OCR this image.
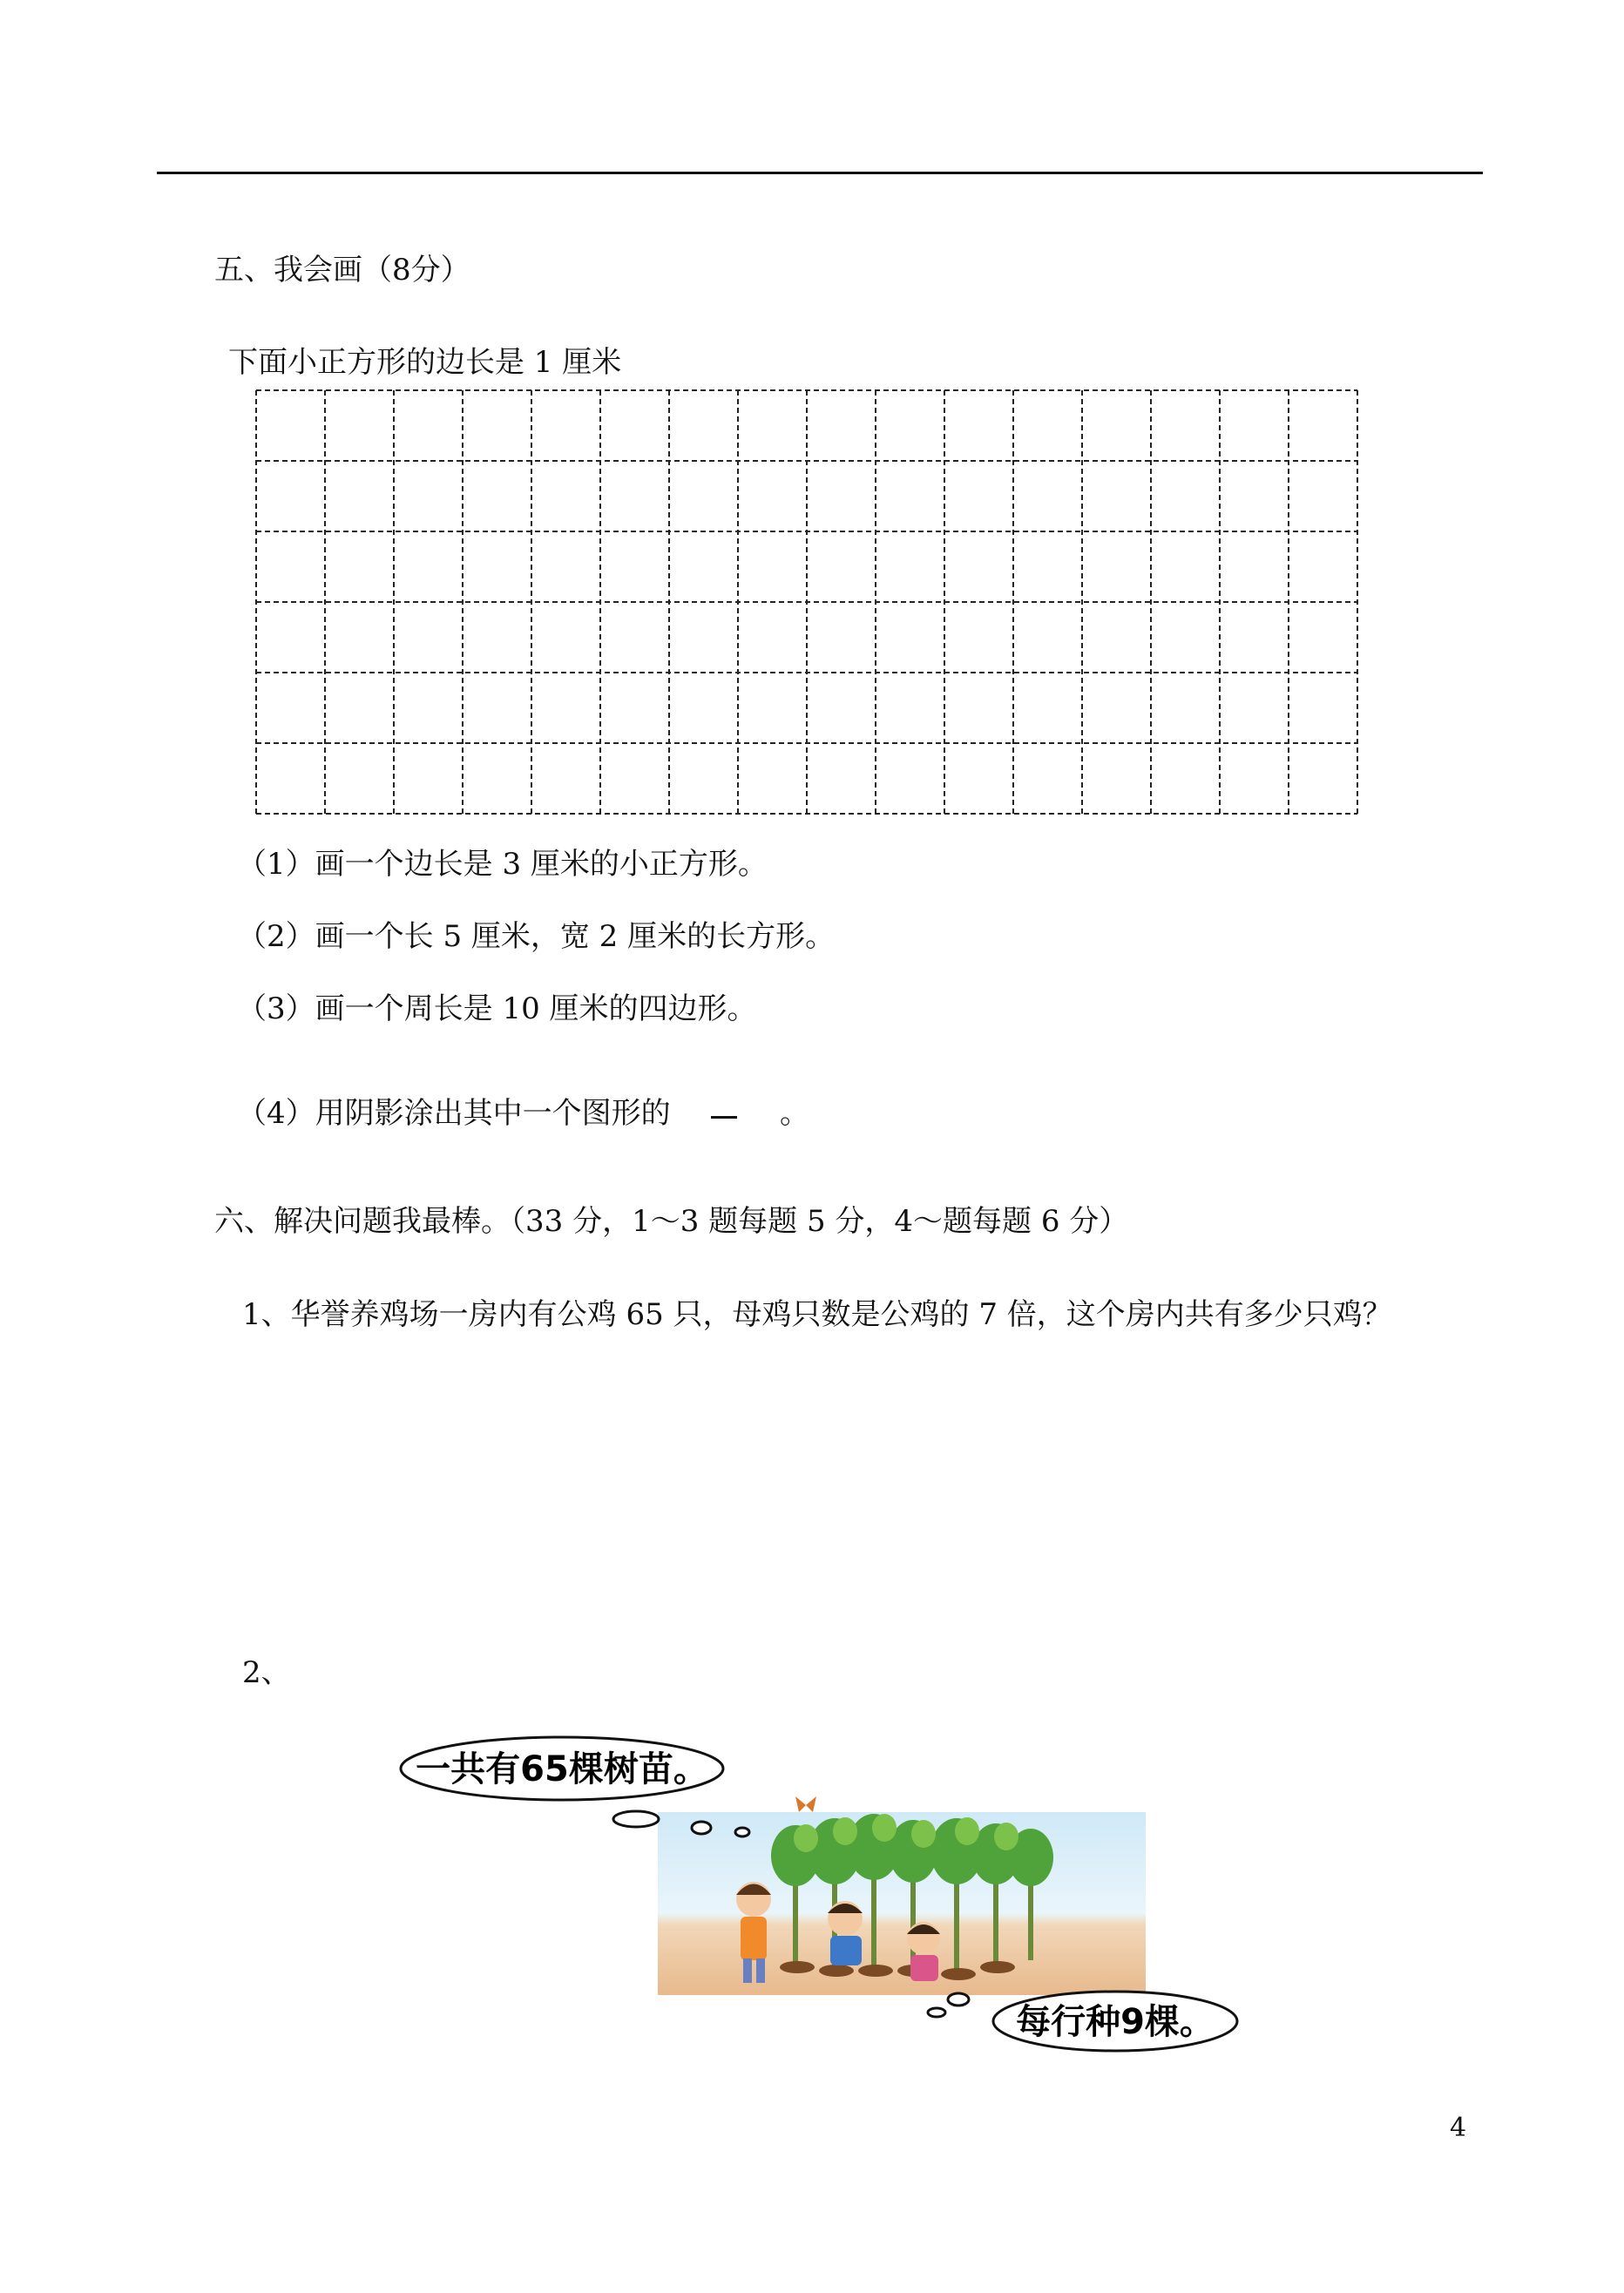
五、我会画（8分）
下面小正方形的边长是 1 厘米
（1）画一个边长是 3 厘米的小正方形。
（2）画一个长 5 厘米，宽 2 厘米的长方形。
（3）画一个周长是 10 厘米的四边形。
（4）用阴影涂出其中一个图形的	。
六、解决问题我最棒。（33 分，1～3 题每题 5 分，4～题每题 6 分）
1、华誉养鸡场一房内有公鸡 65 只，母鸡只数是公鸡的 7 倍，这个房内共有多少只鸡？
2、
一共有65棵树苗。
每行种9棵。
4
